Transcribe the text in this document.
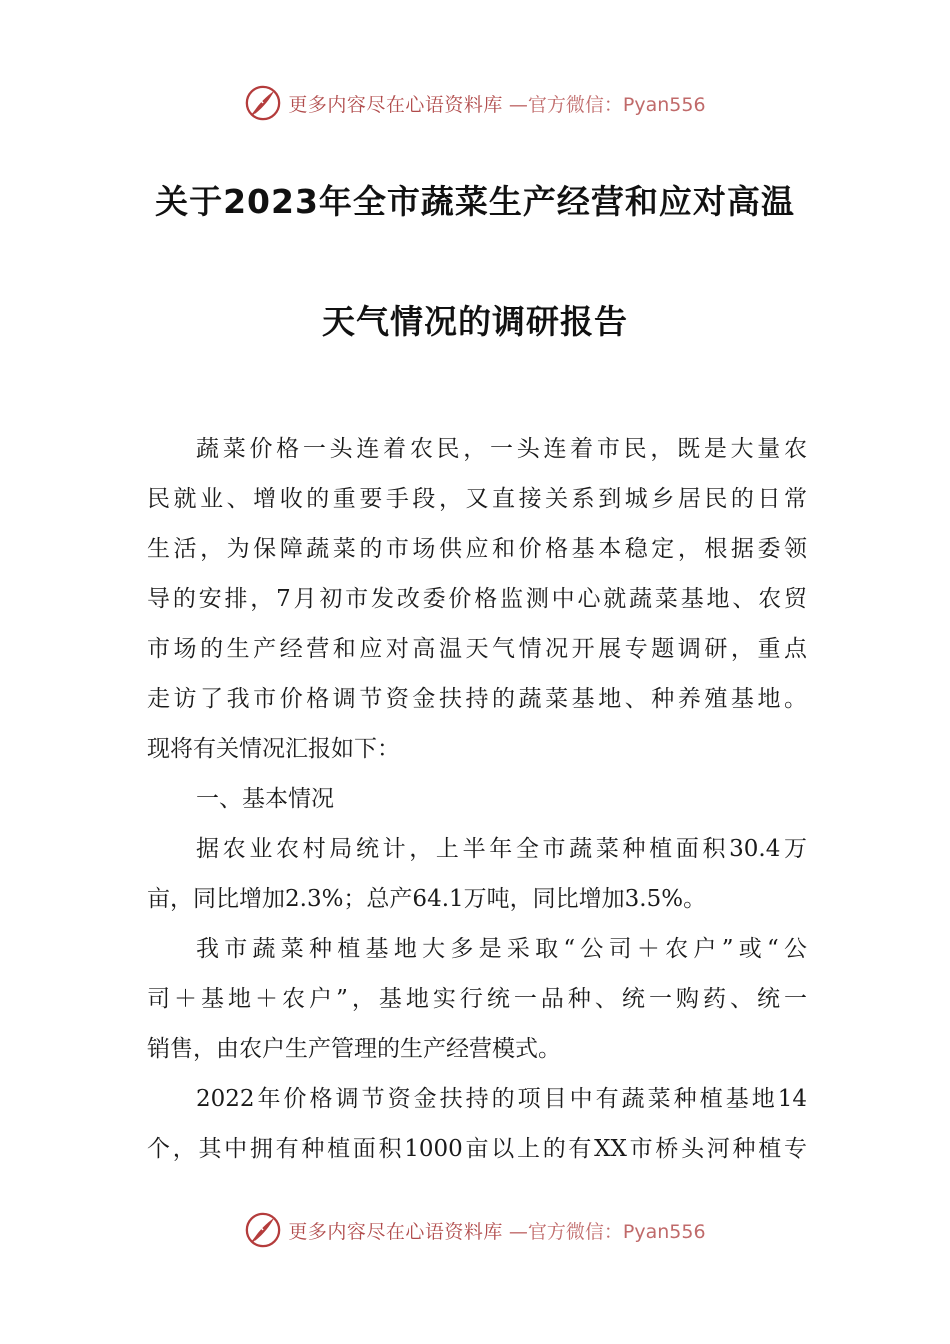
更多内容尽在心语资料库 —官方微信：Pyan556
关于2023年全市蔬菜生产经营和应对高温
天气情况的调研报告
蔬菜价格一头连着农民，一头连着市民，既是大量农
民就业、增收的重要手段，又直接关系到城乡居民的日常
生活，为保障蔬菜的市场供应和价格基本稳定，根据委领
导的安排，7月初市发改委价格监测中心就蔬菜基地、农贸
市场的生产经营和应对高温天气情况开展专题调研，重点
走访了我市价格调节资金扶持的蔬菜基地、种养殖基地。
现将有关情况汇报如下：
一、基本情况
据农业农村局统计，上半年全市蔬菜种植面积30.4万
亩，同比增加2.3%；总产64.1万吨，同比增加3.5%。
我市蔬菜种植基地大多是采取“公司＋农户”或“公
司＋基地＋农户”，基地实行统一品种、统一购药、统一
销售，由农户生产管理的生产经营模式。
2022年价格调节资金扶持的项目中有蔬菜种植基地14
个，其中拥有种植面积1000亩以上的有XX市桥头河种植专
更多内容尽在心语资料库 —官方微信：Pyan556
